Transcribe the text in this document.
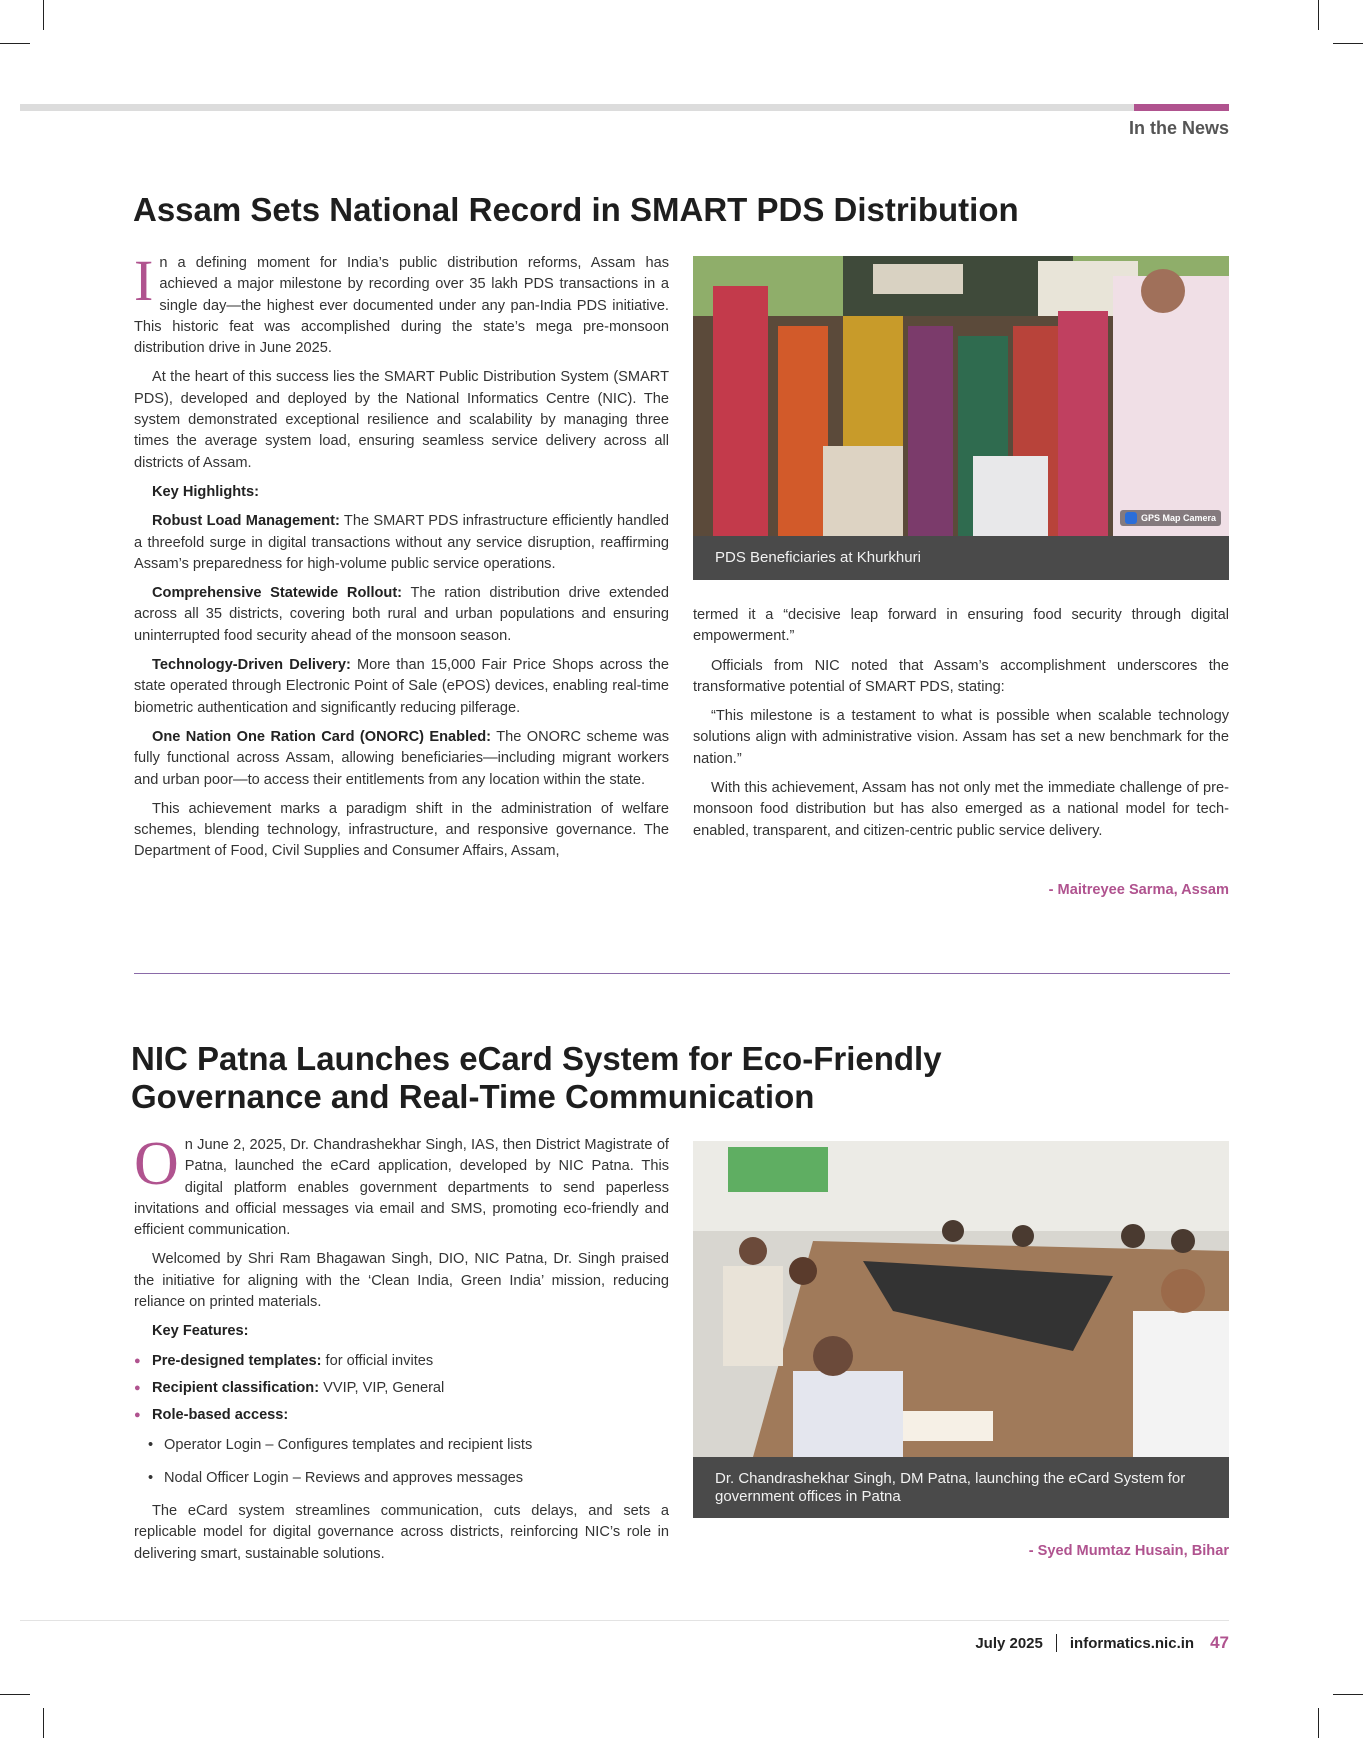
In the News
Assam Sets National Record in SMART PDS Distribution

In a defining moment for India’s public distribution reforms, Assam has achieved a major milestone by recording over 35 lakh PDS transactions in a single day—the highest ever documented under any pan-India PDS initiative. This historic feat was accomplished during the state’s mega pre-monsoon distribution drive in June 2025.

At the heart of this success lies the SMART Public Distribution System (SMART PDS), developed and deployed by the National Informatics Centre (NIC). The system demonstrated exceptional resilience and scalability by managing three times the average system load, ensuring seamless service delivery across all districts of Assam.

Key Highlights:

Robust Load Management: The SMART PDS infrastructure efficiently handled a threefold surge in digital transactions without any service disruption, reaffirming Assam’s preparedness for high-volume public service operations.

Comprehensive Statewide Rollout: The ration distribution drive extended across all 35 districts, covering both rural and urban populations and ensuring uninterrupted food security ahead of the monsoon season.

Technology-Driven Delivery: More than 15,000 Fair Price Shops across the state operated through Electronic Point of Sale (ePOS) devices, enabling real-time biometric authentication and significantly reducing pilferage.

One Nation One Ration Card (ONORC) Enabled: The ONORC scheme was fully functional across Assam, allowing beneficiaries—including migrant workers and urban poor—to access their entitlements from any location within the state.

This achievement marks a paradigm shift in the administration of welfare schemes, blending technology, infrastructure, and responsive governance. The Department of Food, Civil Supplies and Consumer Affairs, Assam,

GPS Map Camera
PDS Beneficiaries at Khurkhuri

termed it a “decisive leap forward in ensuring food security through digital empowerment.”

Officials from NIC noted that Assam’s accomplishment underscores the transformative potential of SMART PDS, stating:

“This milestone is a testament to what is possible when scalable technology solutions align with administrative vision. Assam has set a new benchmark for the nation.”

With this achievement, Assam has not only met the immediate challenge of pre-monsoon food distribution but has also emerged as a national model for tech-enabled, transparent, and citizen-centric public service delivery.

- Maitreyee Sarma, Assam
NIC Patna Launches eCard System for Eco-Friendly Governance and Real-Time Communication

On June 2, 2025, Dr. Chandrashekhar Singh, IAS, then District Magistrate of Patna, launched the eCard application, developed by NIC Patna. This digital platform enables government departments to send paperless invitations and official messages via email and SMS, promoting eco-friendly and efficient communication.

Welcomed by Shri Ram Bhagawan Singh, DIO, NIC Patna, Dr. Singh praised the initiative for aligning with the ‘Clean India, Green India’ mission, reducing reliance on printed materials.

Key Features:

● Pre-designed templates: for official invites
● Recipient classification: VVIP, VIP, General
● Role-based access:
• Operator Login – Configures templates and recipient lists
• Nodal Officer Login – Reviews and approves messages

The eCard system streamlines communication, cuts delays, and sets a replicable model for digital governance across districts, reinforcing NIC’s role in delivering smart, sustainable solutions.

Dr. Chandrashekhar Singh, DM Patna, launching the eCard System for government offices in Patna
- Syed Mumtaz Husain, Bihar
July 2025 informatics.nic.in 47
